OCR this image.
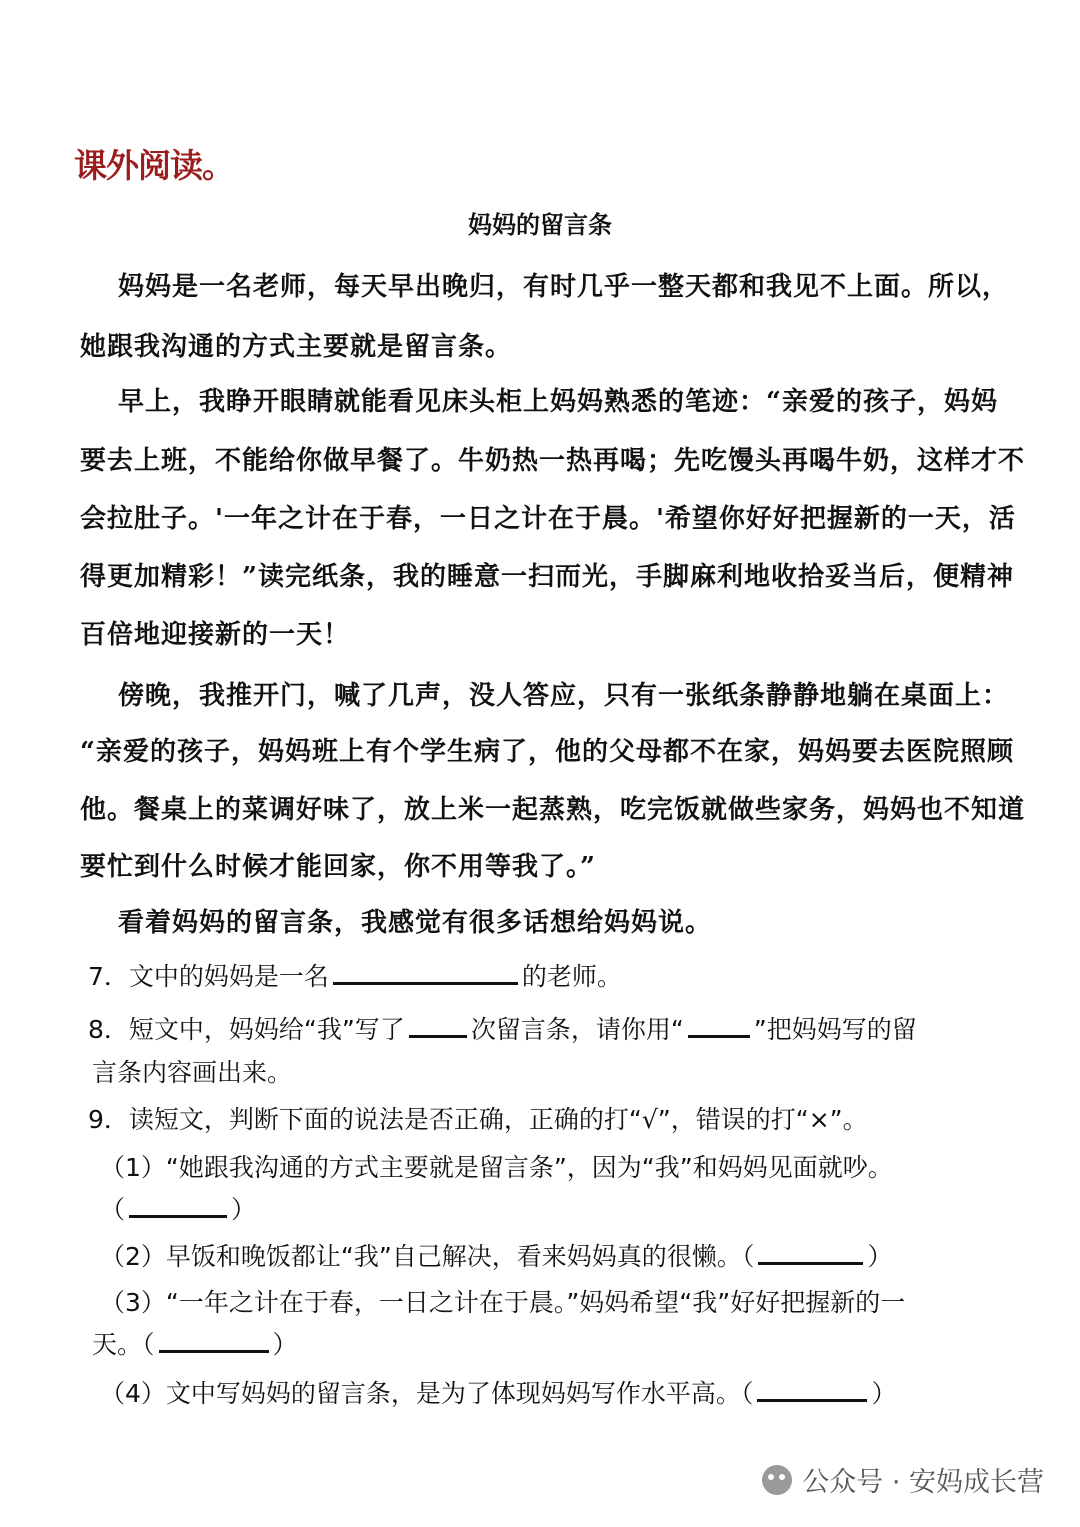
课外阅读。
妈妈的留言条
妈妈是一名老师，每天早出晚归，有时几乎一整天都和我见不上面。所以，
她跟我沟通的方式主要就是留言条。
早上，我睁开眼睛就能看见床头柜上妈妈熟悉的笔迹：“亲爱的孩子，妈妈
要去上班，不能给你做早餐了。牛奶热一热再喝；先吃馒头再喝牛奶，这样才不
会拉肚子。'一年之计在于春，一日之计在于晨。'希望你好好把握新的一天，活
得更加精彩！”读完纸条，我的睡意一扫而光，手脚麻利地收拾妥当后，便精神
百倍地迎接新的一天！
傍晚，我推开门，喊了几声，没人答应，只有一张纸条静静地躺在桌面上：
“亲爱的孩子，妈妈班上有个学生病了，他的父母都不在家，妈妈要去医院照顾
他。餐桌上的菜调好味了，放上米一起蒸熟，吃完饭就做些家务，妈妈也不知道
要忙到什么时候才能回家，你不用等我了。”
看着妈妈的留言条，我感觉有很多话想给妈妈说。
7．文中的妈妈是一名	的老师。
8．短文中，妈妈给“我”写了	次留言条，请你用“	”把妈妈写的留
言条内容画出来。
9．读短文，判断下面的说法是否正确，正确的打“√”，错误的打“×”。
（1）“她跟我沟通的方式主要就是留言条”，因为“我”和妈妈见面就吵。
（	）
（2）早饭和晚饭都让“我”自己解决，看来妈妈真的很懒。（	）
（3）“一年之计在于春，一日之计在于晨。”妈妈希望“我”好好把握新的一
天。（	）
（4）文中写妈妈的留言条，是为了体现妈妈写作水平高。（	）
公众号 · 安妈成长营
